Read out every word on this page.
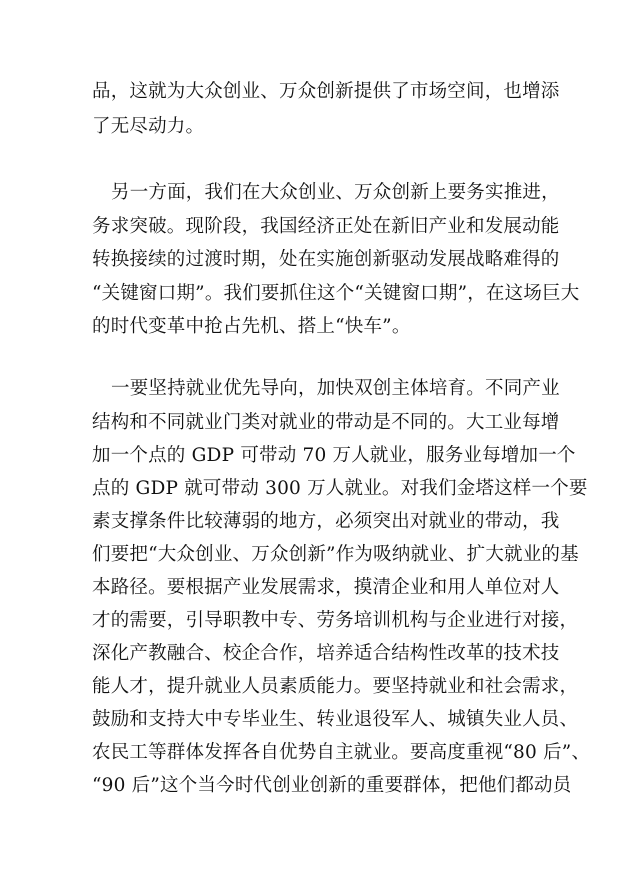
品，这就为大众创业、万众创新提供了市场空间，也增添
了无尽动力。
另一方面，我们在大众创业、万众创新上要务实推进，
务求突破。现阶段，我国经济正处在新旧产业和发展动能
转换接续的过渡时期，处在实施创新驱动发展战略难得的
“关键窗口期”。我们要抓住这个“关键窗口期”，在这场巨大
的时代变革中抢占先机、搭上“快车”。
一要坚持就业优先导向，加快双创主体培育。不同产业
结构和不同就业门类对就业的带动是不同的。大工业每增
加一个点的 GDP 可带动 70 万人就业，服务业每增加一个
点的 GDP 就可带动 300 万人就业。对我们金塔这样一个要
素支撑条件比较薄弱的地方，必须突出对就业的带动，我
们要把“大众创业、万众创新”作为吸纳就业、扩大就业的基
本路径。要根据产业发展需求，摸清企业和用人单位对人
才的需要，引导职教中专、劳务培训机构与企业进行对接，
深化产教融合、校企合作，培养适合结构性改革的技术技
能人才，提升就业人员素质能力。要坚持就业和社会需求，
鼓励和支持大中专毕业生、转业退役军人、城镇失业人员、
农民工等群体发挥各自优势自主就业。要高度重视“80 后”、
“90 后”这个当今时代创业创新的重要群体，把他们都动员
